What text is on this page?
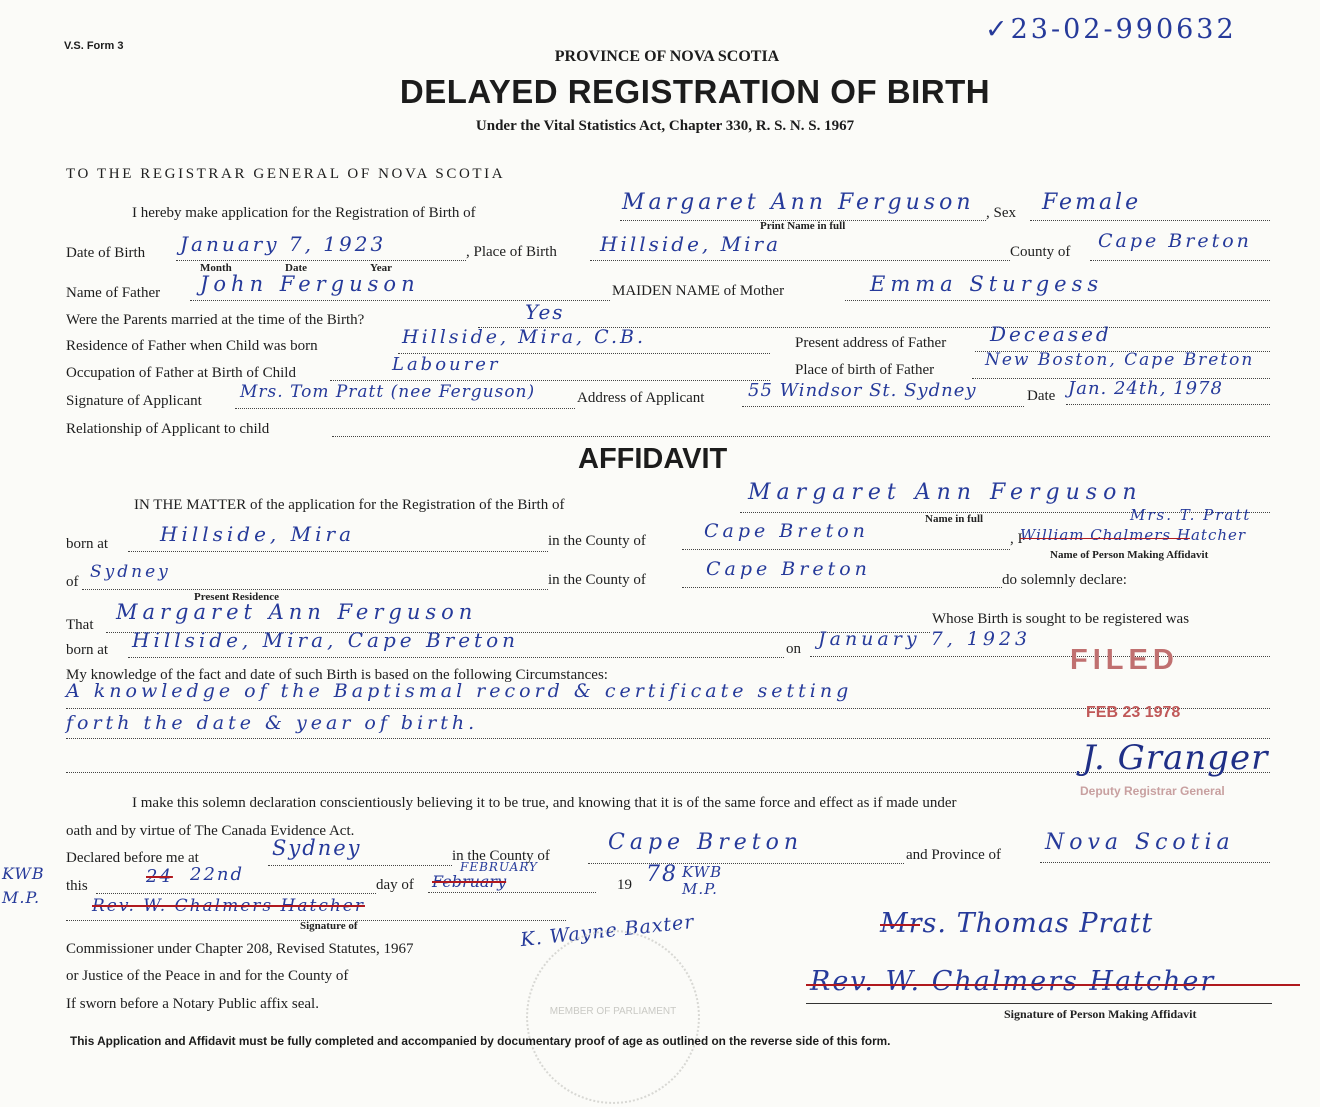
V.S. Form 3
✓23-02-990632
PROVINCE OF NOVA SCOTIA
DELAYED REGISTRATION OF BIRTH
Under the Vital Statistics Act, Chapter 330, R. S. N. S. 1967
TO THE REGISTRAR GENERAL OF NOVA SCOTIA
I hereby make application for the Registration of Birth of	Margaret Ann Ferguson , Sex Female
Print Name in full
Date of Birth January 7, 1923	, Place of Birth Hillside, Mira	County of Cape Breton
Month	Date	Year
Name of Father John Ferguson	MAIDEN NAME of Mother	Emma Sturgess
Were the Parents married at the time of the Birth?	Yes
Residence of Father when Child was born	Hillside, Mira, C.B.	Present address of Father Deceased
Occupation of Father at Birth of Child	Labourer	Place of birth of Father	New Boston, Cape Breton
Signature of Applicant Mrs. Tom Pratt (nee Ferguson)	Address of Applicant 55 Windsor St. Sydney	Date Jan. 24th, 1978
Relationship of Applicant to child
AFFIDAVIT
IN THE MATTER of the application for the Registration of the Birth of	Margaret Ann Ferguson
Name in full
born at	Hillside, Mira	in the County of	Cape Breton	, I
Mrs. T. Pratt
William Chalmers Hatcher
Name of Person Making Affidavit
of Sydney	in the County of	Cape Breton	do solemnly declare:
Present Residence
That
Margaret Ann Ferguson	Whose Birth is sought to be registered was
born at Hillside, Mira, Cape Breton	on January 7, 1923
My knowledge of the fact and date of such Birth is based on the following Circumstances:
A knowledge of the Baptismal record & certificate setting
forth the date & year of birth.
FILED
FEB 23 1978
J. Granger
Deputy Registrar General
I make this solemn declaration conscientiously believing it to be true, and knowing that it is of the same force and effect as if made under
oath and by virtue of The Canada Evidence Act.
Declared before me at	Sydney	in the County of
Cape Breton	and Province of Nova Scotia
this	24 22nd	day of
FEBRUARY
February	19 78 KWB M.P.
KWB M.P.	Rev. W. Chalmers Hatcher
Signature of	K. Wayne Baxter
Commissioner under Chapter 208, Revised Statutes, 1967
or Justice of the Peace in and for the County of
If sworn before a Notary Public affix seal.	MEMBER OF PARLIAMENT
Mrs. Thomas Pratt
Rev. W. Chalmers Hatcher
Signature of Person Making Affidavit
This Application and Affidavit must be fully completed and accompanied by documentary proof of age as outlined on the reverse side of this form.
